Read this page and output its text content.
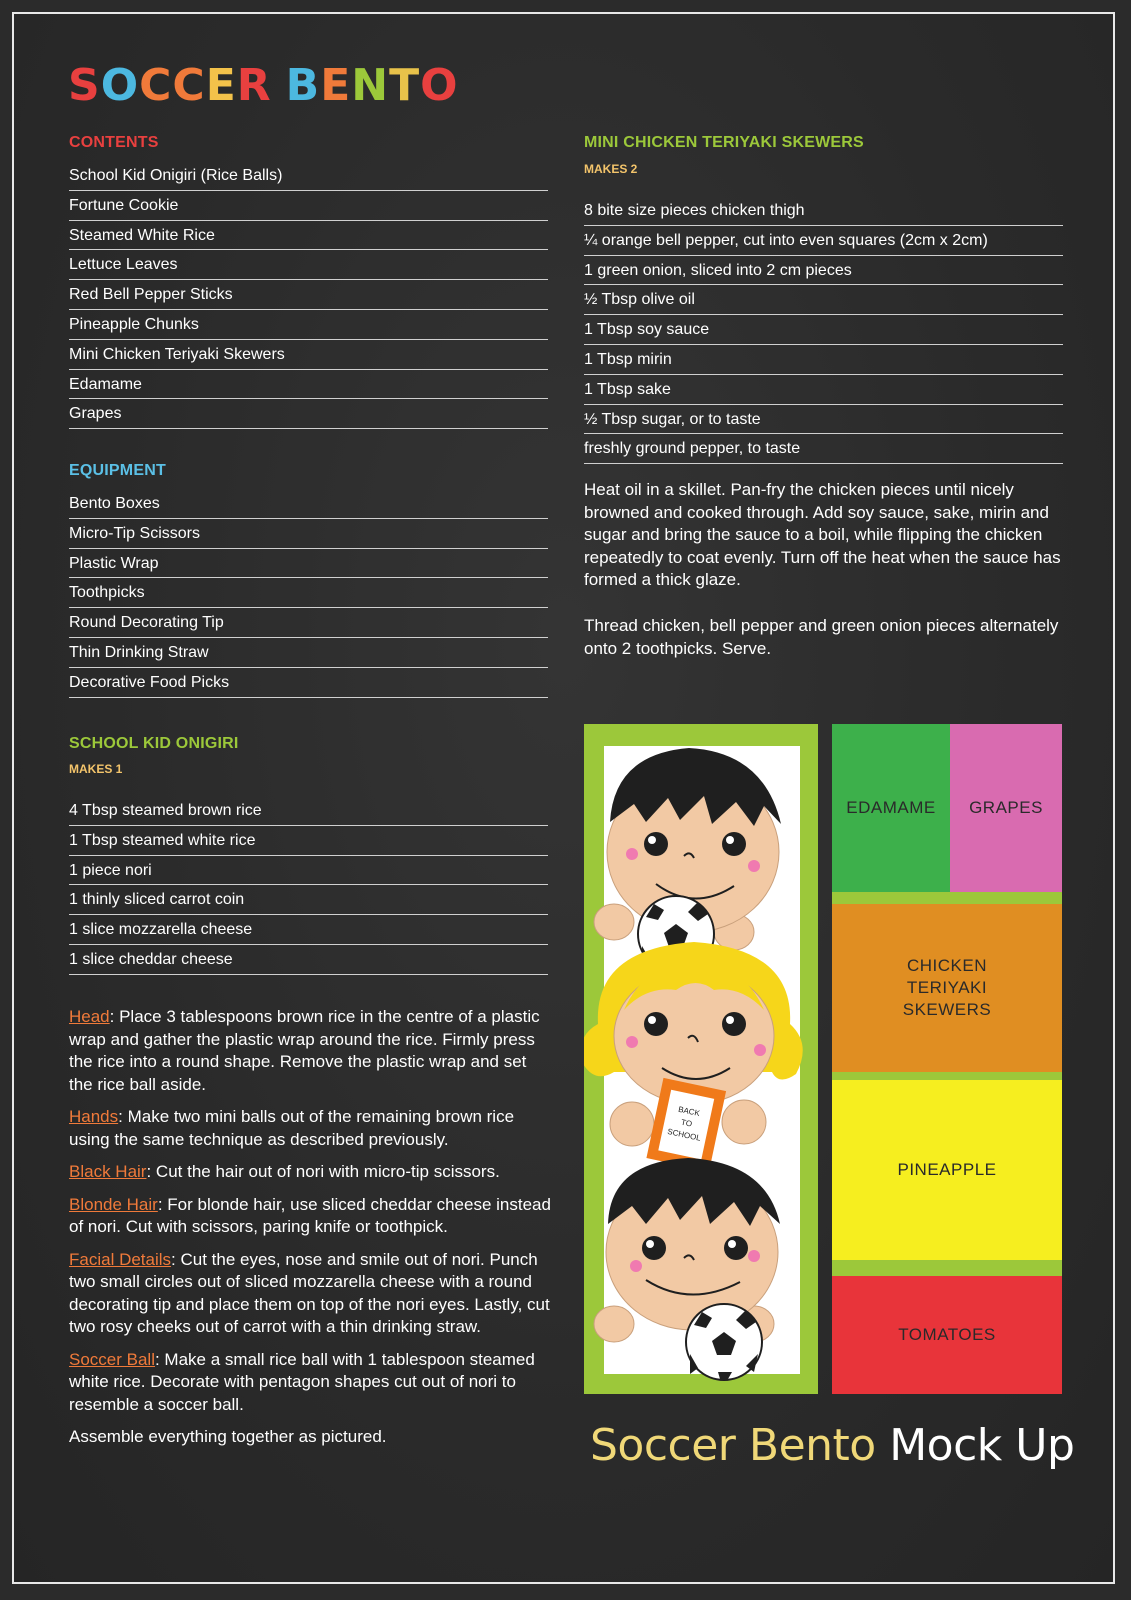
SOCCER BENTO
CONTENTS
School Kid Onigiri (Rice Balls)
Fortune Cookie
Steamed White Rice
Lettuce Leaves
Red Bell Pepper Sticks
Pineapple Chunks
Mini Chicken Teriyaki Skewers
Edamame
Grapes
EQUIPMENT
Bento Boxes
Micro-Tip Scissors
Plastic Wrap
Toothpicks
Round Decorating Tip
Thin Drinking Straw
Decorative Food Picks
SCHOOL KID ONIGIRI

MAKES 1

4 Tbsp steamed brown rice
1 Tbsp steamed white rice
1 piece nori
1 thinly sliced carrot coin
1 slice mozzarella cheese
1 slice cheddar cheese

Head: Place 3 tablespoons brown rice in the centre of a plastic wrap and gather the plastic wrap around the rice. Firmly press the rice into a round shape. Remove the plastic wrap and set the rice ball aside.

Hands: Make two mini balls out of the remaining brown rice using the same technique as described previously.

Black Hair: Cut the hair out of nori with micro-tip scissors.

Blonde Hair: For blonde hair, use sliced cheddar cheese instead of nori. Cut with scissors, paring knife or toothpick.

Facial Details: Cut the eyes, nose and smile out of nori. Punch two small circles out of sliced mozzarella cheese with a round decorating tip and place them on top of the nori eyes. Lastly, cut two rosy cheeks out of carrot with a thin drinking straw.

Soccer Ball: Make a small rice ball with 1 tablespoon steamed white rice. Decorate with pentagon shapes cut out of nori to resemble a soccer ball.

Assemble everything together as pictured.

MINI CHICKEN TERIYAKI SKEWERS

MAKES 2

8 bite size pieces chicken thigh
¼ orange bell pepper, cut into even squares (2cm x 2cm)
1 green onion, sliced into 2 cm pieces
½ Tbsp olive oil
1 Tbsp soy sauce
1 Tbsp mirin
1 Tbsp sake
½ Tbsp sugar, or to taste
freshly ground pepper, to taste

Heat oil in a skillet. Pan-fry the chicken pieces until nicely browned and cooked through. Add soy sauce, sake, mirin and sugar and bring the sauce to a boil, while flipping the chicken repeatedly to coat evenly. Turn off the heat when the sauce has formed a thick glaze.

Thread chicken, bell pepper and green onion pieces alternately onto 2 toothpicks. Serve.

BACK
TO
SCHOOL
EDAMAME	GRAPES
CHICKEN TERIYAKI SKEWERS
PINEAPPLE
TOMATOES
Soccer Bento Mock Up
